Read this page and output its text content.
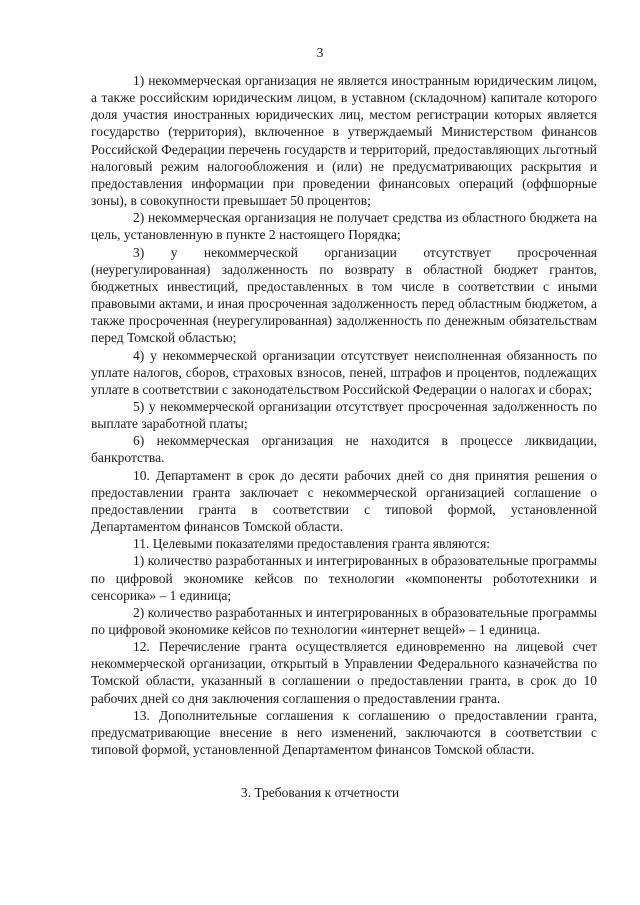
3

1) некоммерческая организация не является иностранным юридическим лицом, а также российским юридическим лицом, в уставном (складочном) капитале которого доля участия иностранных юридических лиц, местом регистрации которых является государство (территория), включенное в утверждаемый Министерством финансов Российской Федерации перечень государств и территорий, предоставляющих льготный налоговый режим налогообложения и (или) не предусматривающих раскрытия и предоставления информации при проведении финансовых операций (оффшорные зоны), в совокупности превышает 50 процентов;

2) некоммерческая организация не получает средства из областного бюджета на цель, установленную в пункте 2 настоящего Порядка;

3) у некоммерческой организации отсутствует просроченная (неурегулированная) задолженность по возврату в областной бюджет грантов, бюджетных инвестиций, предоставленных в том числе в соответствии с иными правовыми актами, и иная просроченная задолженность перед областным бюджетом, а также просроченная (неурегулированная) задолженность по денежным обязательствам перед Томской областью;

4) у некоммерческой организации отсутствует неисполненная обязанность по уплате налогов, сборов, страховых взносов, пеней, штрафов и процентов, подлежащих уплате в соответствии с законодательством Российской Федерации о налогах и сборах;

5) у некоммерческой организации отсутствует просроченная задолженность по выплате заработной платы;

6) некоммерческая организация не находится в процессе ликвидации, банкротства.

10. Департамент в срок до десяти рабочих дней со дня принятия решения о предоставлении гранта заключает с некоммерческой организацией соглашение о предоставлении гранта в соответствии с типовой формой, установленной Департаментом финансов Томской области.

11. Целевыми показателями предоставления гранта являются:

1) количество разработанных и интегрированных в образовательные программы по цифровой экономике кейсов по технологии «компоненты робототехники и сенсорика» – 1 единица;

2) количество разработанных и интегрированных в образовательные программы по цифровой экономике кейсов по технологии «интернет вещей» – 1 единица.

12. Перечисление гранта осуществляется единовременно на лицевой счет некоммерческой организации, открытый в Управлении Федерального казначейства по Томской области, указанный в соглашении о предоставлении гранта, в срок до 10 рабочих дней со дня заключения соглашения о предоставлении гранта.

13. Дополнительные соглашения к соглашению о предоставлении гранта, предусматривающие внесение в него изменений, заключаются в соответствии с типовой формой, установленной Департаментом финансов Томской области.

3. Требования к отчетности
